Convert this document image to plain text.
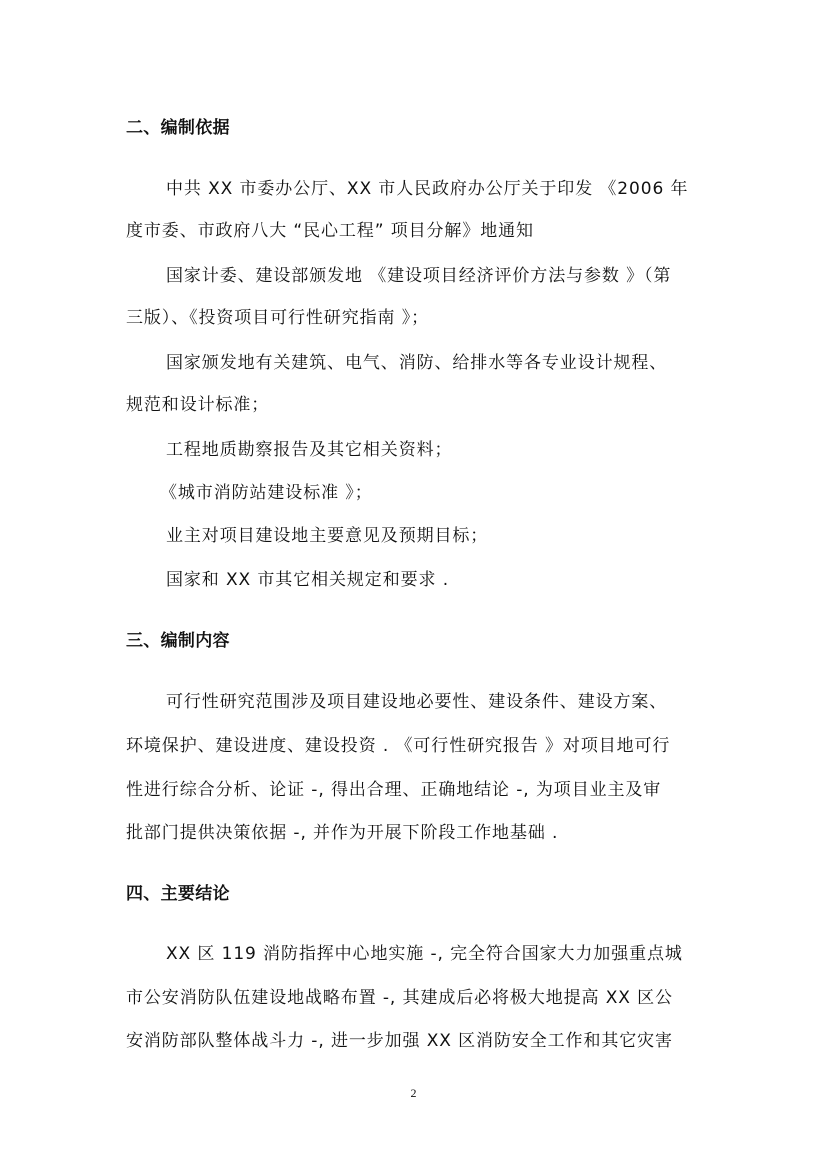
二、编制依据
中共 XX 市委办公厅、XX 市人民政府办公厅关于印发 《2006 年
度市委、市政府八大 “民心工程” 项目分解》地通知
国家计委、建设部颁发地 《建设项目经济评价方法与参数 》（第
三版）、《投资项目可行性研究指南 》；
国家颁发地有关建筑、电气、消防、给排水等各专业设计规程、
规范和设计标准；
工程地质勘察报告及其它相关资料；
《城市消防站建设标准 》；
业主对项目建设地主要意见及预期目标；
国家和 XX 市其它相关规定和要求 .
三、编制内容
可行性研究范围涉及项目建设地必要性、建设条件、建设方案、
环境保护、建设进度、建设投资 . 《可行性研究报告 》对项目地可行
性进行综合分析、论证 -, 得出合理、正确地结论 -, 为项目业主及审
批部门提供决策依据 -, 并作为开展下阶段工作地基础 .
四、主要结论
XX 区 119 消防指挥中心地实施 -, 完全符合国家大力加强重点城
市公安消防队伍建设地战略布置 -, 其建成后必将极大地提高 XX 区公
安消防部队整体战斗力 -, 进一步加强 XX 区消防安全工作和其它灾害
2
